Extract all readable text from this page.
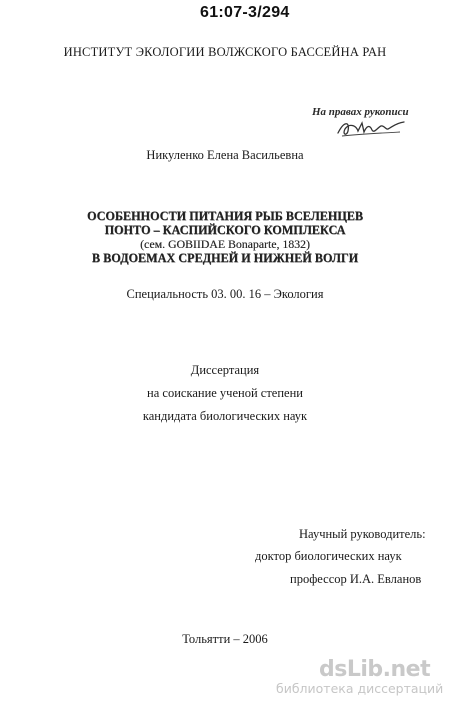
61:07-3/294
ИНСТИТУТ ЭКОЛОГИИ ВОЛЖСКОГО БАССЕЙНА РАН
На правах рукописи
Никуленко Елена Васильевна
ОСОБЕННОСТИ ПИТАНИЯ РЫБ ВСЕЛЕНЦЕВ
ПОНТО – КАСПИЙСКОГО КОМПЛЕКСА
(сем. GOBIIDAE Bonaparte, 1832)
В ВОДОЕМАХ СРЕДНЕЙ И НИЖНЕЙ ВОЛГИ
Специальность 03. 00. 16 – Экология
Диссертация
на соискание ученой степени
кандидата биологических наук
Научный руководитель:
доктор биологических наук
профессор И.А. Евланов
Тольятти – 2006
dsLib.net
библиотека диссертаций
